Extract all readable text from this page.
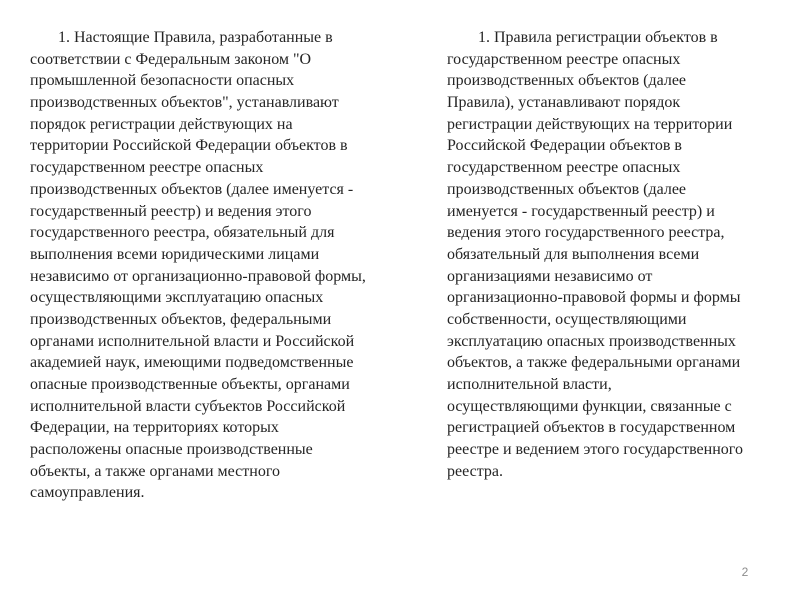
1. Настоящие Правила, разработанные в
соответствии с Федеральным законом "О
промышленной безопасности опасных
производственных объектов", устанавливают
порядок регистрации действующих на
территории Российской Федерации объектов в
государственном реестре опасных
производственных объектов (далее именуется -
государственный реестр) и ведения этого
государственного реестра, обязательный для
выполнения всеми юридическими лицами
независимо от организационно-правовой формы,
осуществляющими эксплуатацию опасных
производственных объектов, федеральными
органами исполнительной власти и Российской
академией наук, имеющими подведомственные
опасные производственные объекты, органами
исполнительной власти субъектов Российской
Федерации, на территориях которых
расположены опасные производственные
объекты, а также органами местного
самоуправления.
1. Правила регистрации объектов в
государственном реестре опасных
производственных объектов (далее
Правила), устанавливают порядок
регистрации действующих на территории
Российской Федерации объектов в
государственном реестре опасных
производственных объектов (далее
именуется - государственный реестр) и
ведения этого государственного реестра,
обязательный для выполнения всеми
организациями независимо от
организационно-правовой формы и формы
собственности, осуществляющими
эксплуатацию опасных производственных
объектов, а также федеральными органами
исполнительной власти,
осуществляющими функции, связанные с
регистрацией объектов в государственном
реестре и ведением этого государственного
реестра.
2
